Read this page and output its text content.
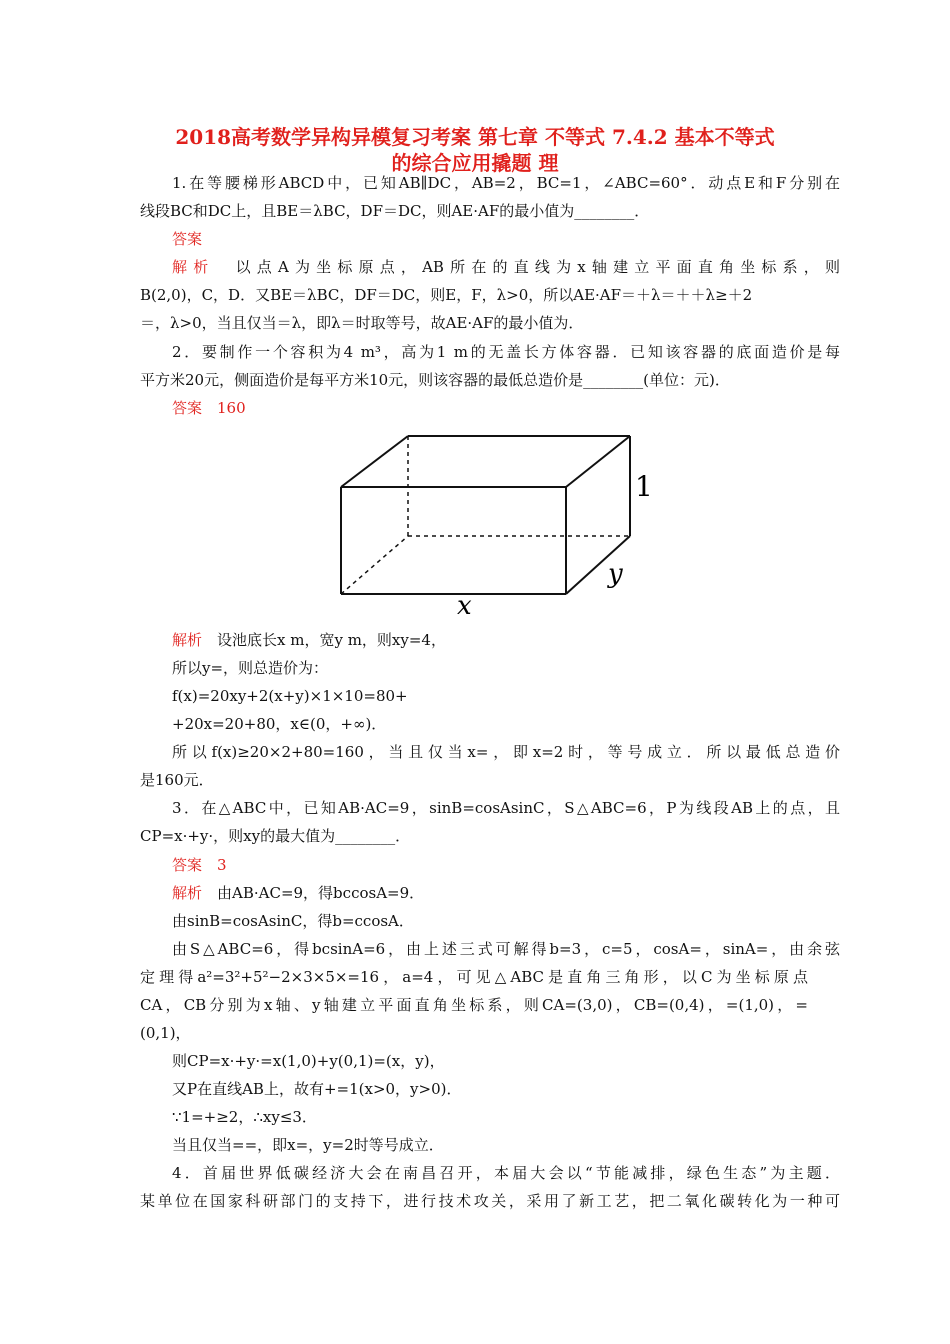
2018高考数学异构异模复习考案 第七章 不等式 7.4.2 基本不等式
的综合应用撬题 理
1.在等腰梯形ABCD中，已知AB∥DC，AB=2，BC=1，∠ABC=60°．动点E和F分别在
线段BC和DC上，且BE＝λBC，DF＝DC，则AE·AF的最小值为________．
答案
解析　以点A为坐标原点，AB所在的直线为x轴建立平面直角坐标系，则
B(2,0)，C，D．又BE＝λBC，DF＝DC，则E，F，λ>0，所以AE·AF＝＋λ＝＋＋λ≥＋2
＝，λ>0，当且仅当＝λ，即λ＝时取等号，故AE·AF的最小值为．
2．要制作一个容积为4 m³，高为1 m的无盖长方体容器．已知该容器的底面造价是每
平方米20元，侧面造价是每平方米10元，则该容器的最低总造价是________(单位：元)．
答案　160
x
y
1
解析　设池底长x m，宽y m，则xy=4，
所以y=，则总造价为：
f(x)=20xy+2(x+y)×1×10=80+
+20x=20+80，x∈(0，+∞)．
所以f(x)≥20×2+80=160，当且仅当x=，即x=2时，等号成立．所以最低总造价
是160元．
3．在△ABC中，已知AB·AC=9，sinB=cosAsinC，S△ABC=6，P为线段AB上的点，且
CP=x·+y·，则xy的最大值为________．
答案　3
解析　由AB·AC=9，得bccosA=9．
由sinB=cosAsinC，得b=ccosA．
由S△ABC=6，得bcsinA=6，由上述三式可解得b=3，c=5，cosA=，sinA=，由余弦
定理得a²=3²+5²−2×3×5×=16，a=4，可见△ABC是直角三角形，以C为坐标原点
CA，CB分别为x轴、y轴建立平面直角坐标系，则CA=(3,0)，CB=(0,4)，=(1,0)，=
(0,1)，
则CP=x·+y·=x(1,0)+y(0,1)=(x，y)，
又P在直线AB上，故有+=1(x>0，y>0)．
∵1=+≥2，∴xy≤3．
当且仅当==，即x=，y=2时等号成立．
4．首届世界低碳经济大会在南昌召开，本届大会以“节能减排，绿色生态”为主题．
某单位在国家科研部门的支持下，进行技术攻关，采用了新工艺，把二氧化碳转化为一种可
